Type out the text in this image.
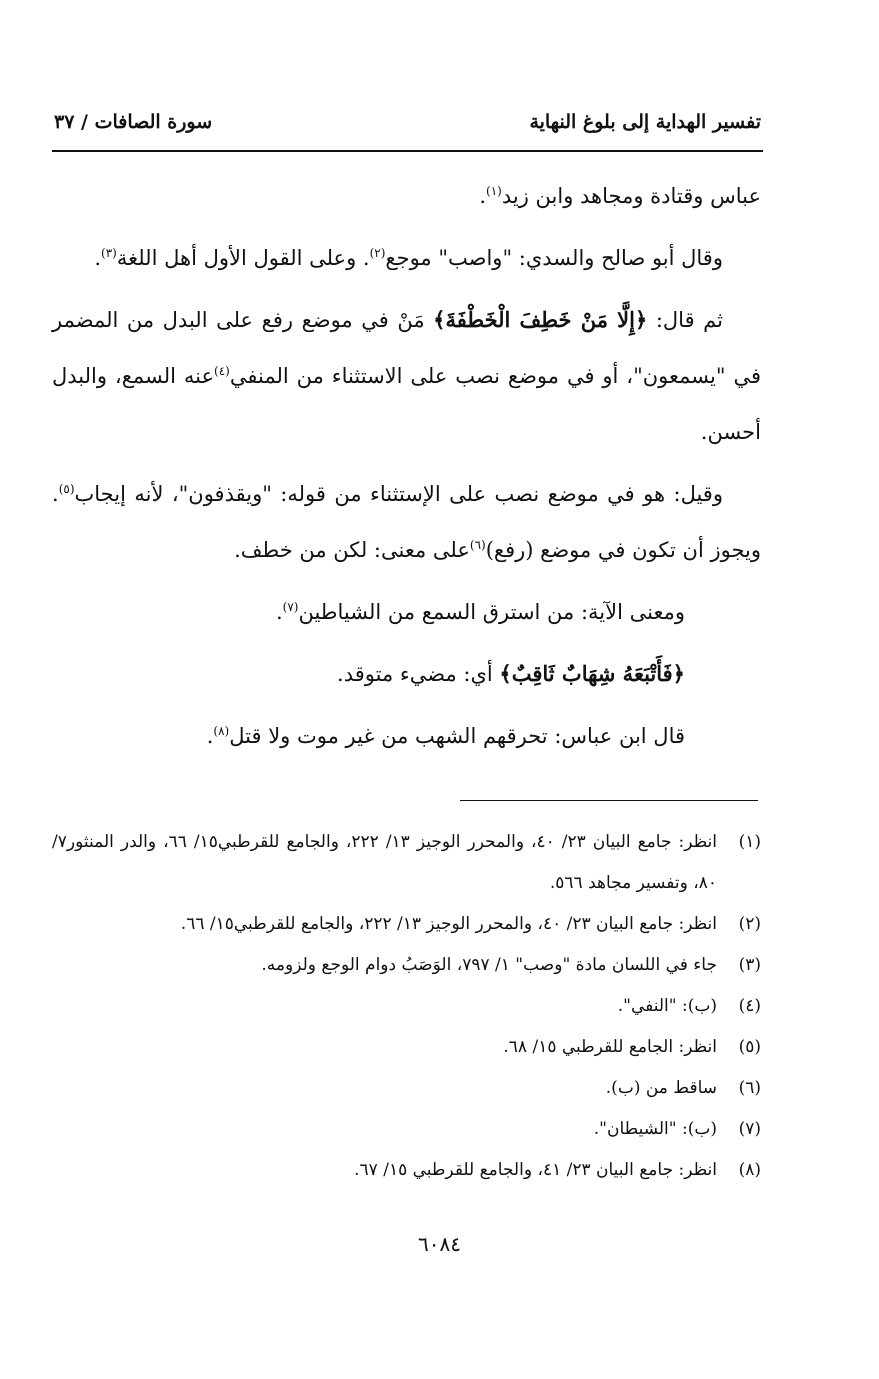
تفسير الهداية إلى بلوغ النهاية
سورة الصافات / ٣٧

عباس وقتادة ومجاهد وابن زيد$^{(١)}$.

وقال أبو صالح والسدي: "واصب" موجع$^{(٢)}$. وعلى القول الأول أهل اللغة$^{(٣)}$.

ثم قال: ﴿إِلَّا مَنْ خَطِفَ الْخَطْفَةَ﴾ مَنْ في موضع رفع على البدل من المضمر في "يسمعون"، أو في موضع نصب على الاستثناء من المنفي$^{(٤)}$عنه السمع، والبدل أحسن.

وقيل: هو في موضع نصب على الإستثناء من قوله: "ويقذفون"، لأنه إيجاب$^{(٥)}$. ويجوز أن تكون في موضع (رفع)$^{(٦)}$على معنى: لكن من خطف.

ومعنى الآية: من استرق السمع من الشياطين$^{(٧)}$.

﴿فَأَتْبَعَهُ شِهَابٌ ثَاقِبٌ﴾ أي: مضيء متوقد.

قال ابن عباس: تحرقهم الشهب من غير موت ولا قتل$^{(٨)}$.

(١)
انظر: جامع البيان ٢٣/ ٤٠، والمحرر الوجيز ١٣/ ٢٢٢، والجامع للقرطبي١٥/ ٦٦، والدر المنثور٧/ ٨٠، وتفسير مجاهد ٥٦٦.
(٢)
انظر: جامع البيان ٢٣/ ٤٠، والمحرر الوجيز ١٣/ ٢٢٢، والجامع للقرطبي١٥/ ٦٦.
(٣)
جاء في اللسان مادة "وصب" ١/ ٧٩٧، الوَصَبُ دوام الوجع ولزومه.
(٤)
(ب): "النفي".
(٥)
انظر: الجامع للقرطبي ١٥/ ٦٨.
(٦)
ساقط من (ب).
(٧)
(ب): "الشيطان".
(٨)
انظر: جامع البيان ٢٣/ ٤١، والجامع للقرطبي ١٥/ ٦٧.
٦٠٨٤
